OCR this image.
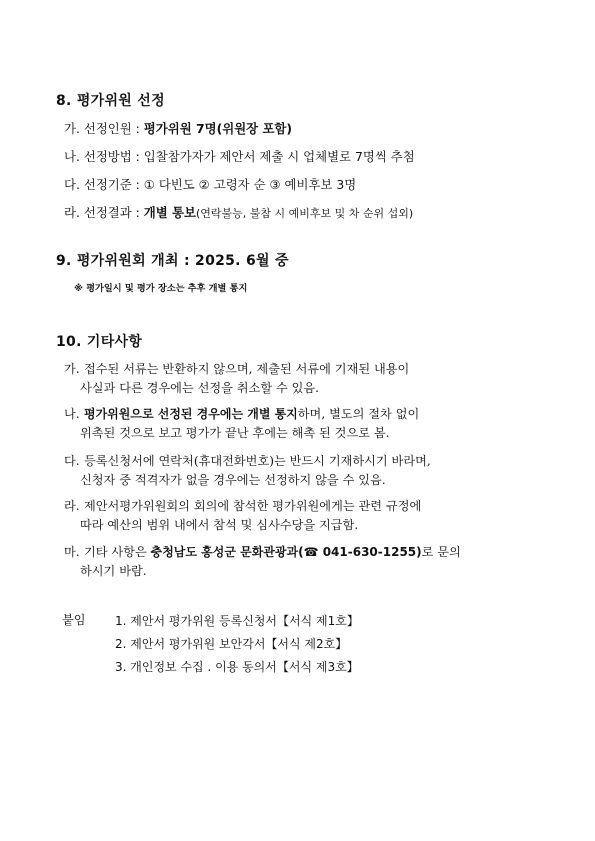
8. 평가위원 선정
가. 선정인원 : 평가위원 7명(위원장 포함)
나. 선정방법 : 입찰참가자가 제안서 제출 시 업체별로 7명씩 추첨
다. 선정기준 : ① 다빈도 ② 고령자 순 ③ 예비후보 3명
라. 선정결과 : 개별 통보(연락불능, 불참 시 예비후보 및 차 순위 섭외)
9. 평가위원회 개최 : 2025. 6월 중
※ 평가일시 및 평가 장소는 추후 개별 통지
10. 기타사항
가. 접수된 서류는 반환하지 않으며, 제출된 서류에 기재된 내용이
사실과 다른 경우에는 선정을 취소할 수 있음.
나. 평가위원으로 선정된 경우에는 개별 통지하며, 별도의 절차 없이
위촉된 것으로 보고 평가가 끝난 후에는 해촉 된 것으로 봄.
다. 등록신청서에 연락처(휴대전화번호)는 반드시 기재하시기 바라며,
신청자 중 적격자가 없을 경우에는 선정하지 않을 수 있음.
라. 제안서평가위원회의 회의에 참석한 평가위원에게는 관련 규정에
따라 예산의 범위 내에서 참석 및 심사수당을 지급함.
마. 기타 사항은 충청남도 홍성군 문화관광과(☎ 041-630-1255)로 문의
하시기 바람.
붙임 1. 제안서 평가위원 등록신청서【서식 제1호】
2. 제안서 평가위원 보안각서【서식 제2호】
3. 개인정보 수집 . 이용 동의서【서식 제3호】
